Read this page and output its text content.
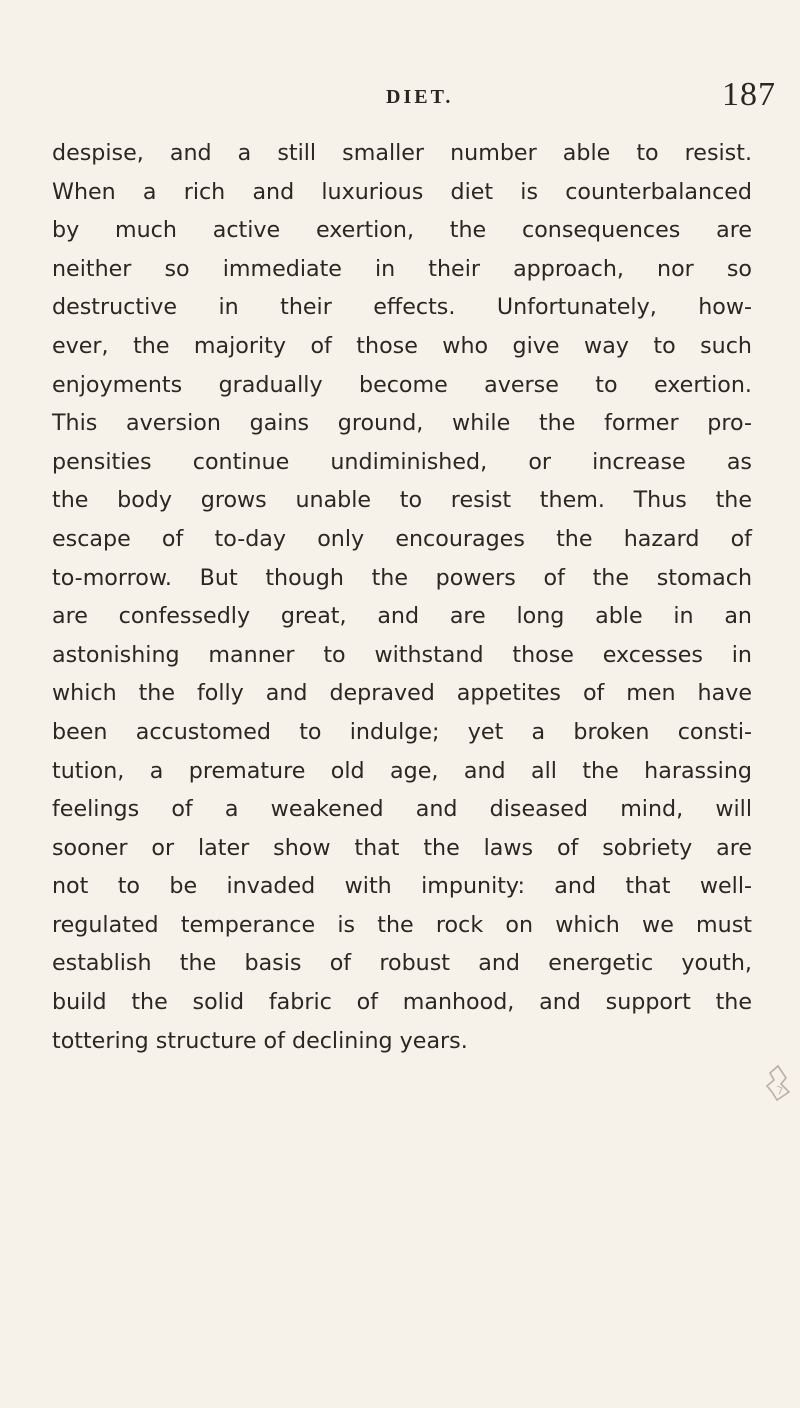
DIET.	187
despise, and a still smaller number able to resist.
When a rich and luxurious diet is counterbalanced
by much active exertion, the consequences are
neither so immediate in their approach, nor so
destructive in their effects. Unfortunately, how-
ever, the majority of those who give way to such
enjoyments gradually become averse to exertion.
This aversion gains ground, while the former pro-
pensities continue undiminished, or increase as
the body grows unable to resist them. Thus the
escape of to-day only encourages the hazard of
to-morrow. But though the powers of the stomach
are confessedly great, and are long able in an
astonishing manner to withstand those excesses in
which the folly and depraved appetites of men have
been accustomed to indulge; yet a broken consti-
tution, a premature old age, and all the harassing
feelings of a weakened and diseased mind, will
sooner or later show that the laws of sobriety are
not to be invaded with impunity: and that well-
regulated temperance is the rock on which we must
establish the basis of robust and energetic youth,
build the solid fabric of manhood, and support the
tottering structure of declining years.
